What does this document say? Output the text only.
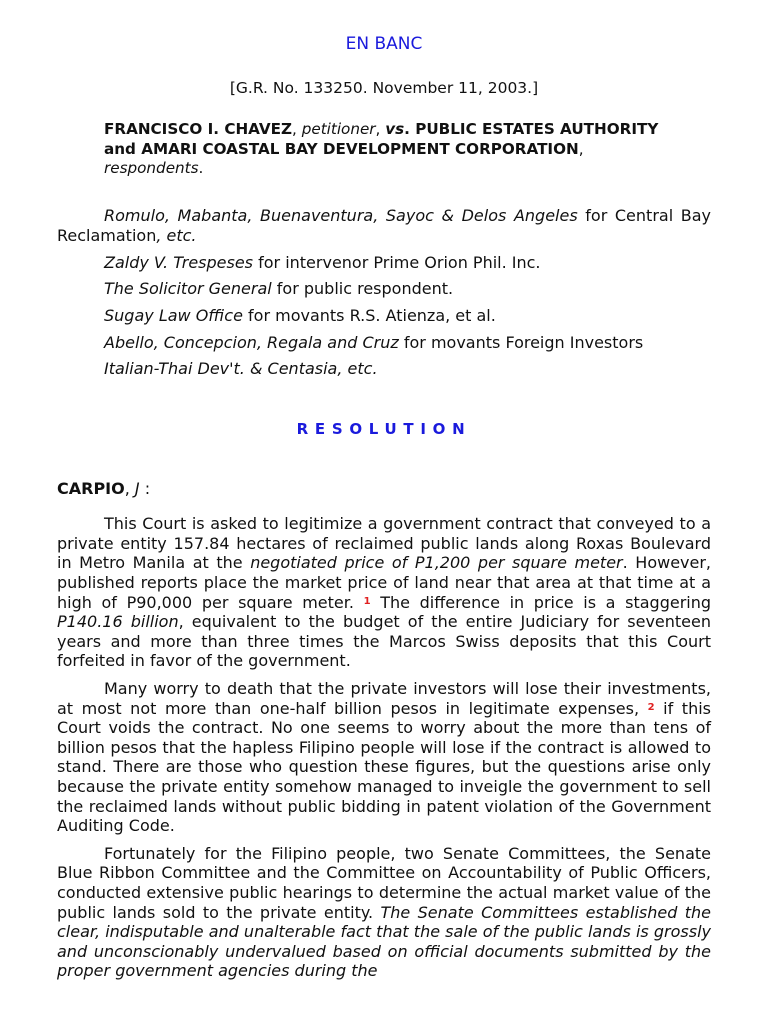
EN BANC

[G.R. No. 133250. November 11, 2003.]

FRANCISCO I. CHAVEZ, petitioner, vs. PUBLIC ESTATES AUTHORITY and AMARI COASTAL BAY DEVELOPMENT CORPORATION, respondents.

Romulo, Mabanta, Buenaventura, Sayoc & Delos Angeles for Central Bay Reclamation, etc.

Zaldy V. Trespeses for intervenor Prime Orion Phil. Inc.

The Solicitor General for public respondent.

Sugay Law Office for movants R.S. Atienza, et al.

Abello, Concepcion, Regala and Cruz for movants Foreign Investors

Italian-Thai Dev't. & Centasia, etc.

RESOLUTION

CARPIO, J :

This Court is asked to legitimize a government contract that conveyed to a private entity 157.84 hectares of reclaimed public lands along Roxas Boulevard in Metro Manila at the negotiated price of P1,200 per square meter. However, published reports place the market price of land near that area at that time at a high of P90,000 per square meter. $^1$ The difference in price is a staggering P140.16 billion, equivalent to the budget of the entire Judiciary for seventeen years and more than three times the Marcos Swiss deposits that this Court forfeited in favor of the government.

Many worry to death that the private investors will lose their investments, at most not more than one-half billion pesos in legitimate expenses, $^2$ if this Court voids the contract. No one seems to worry about the more than tens of billion pesos that the hapless Filipino people will lose if the contract is allowed to stand. There are those who question these figures, but the questions arise only because the private entity somehow managed to inveigle the government to sell the reclaimed lands without public bidding in patent violation of the Government Auditing Code.

Fortunately for the Filipino people, two Senate Committees, the Senate Blue Ribbon Committee and the Committee on Accountability of Public Officers, conducted extensive public hearings to determine the actual market value of the public lands sold to the private entity. The Senate Committees established the clear, indisputable and unalterable fact that the sale of the public lands is grossly and unconscionably undervalued based on official documents submitted by the proper government agencies during the
